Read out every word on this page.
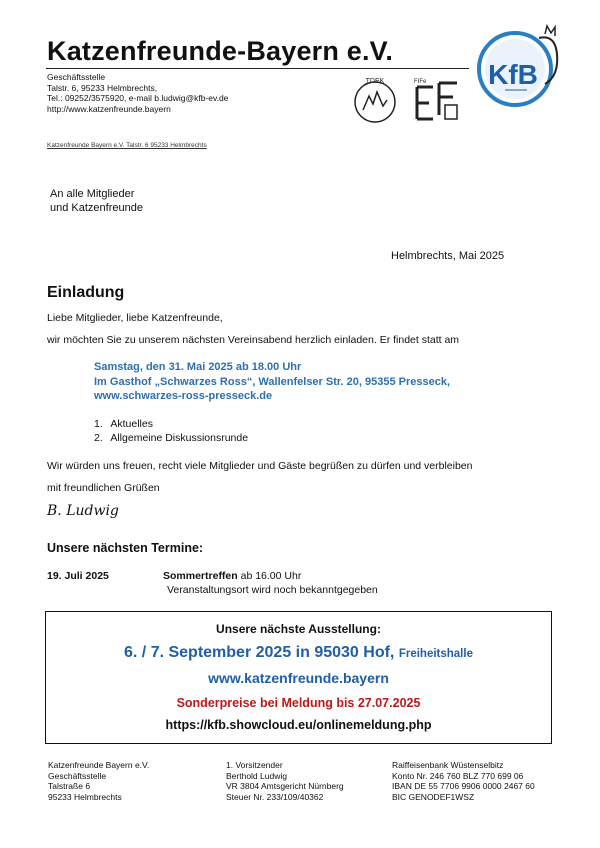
Katzenfreunde-Bayern e.V.
Geschäftsstelle
Talstr. 6, 95233 Helmbrechts,
Tel.: 09252/3575920, e-mail b.ludwig@kfb-ev.de
http://www.katzenfreunde.bayern
Katzenfreunde Bayern e.V. Talstr. 6 95233 Helmbrechts
TDEK	FIFe KfB
An alle Mitglieder
und Katzenfreunde
Helmbrechts, Mai 2025
Einladung
Liebe Mitglieder, liebe Katzenfreunde,
wir möchten Sie zu unserem nächsten Vereinsabend herzlich einladen. Er findet statt am
Samstag, den 31. Mai 2025 ab 18.00 Uhr
Im Gasthof „Schwarzes Ross“, Wallenfelser Str. 20, 95355 Presseck,
www.schwarzes-ross-presseck.de
1. Aktuelles
2. Allgemeine Diskussionsrunde
Wir würden uns freuen, recht viele Mitglieder und Gäste begrüßen zu dürfen und verbleiben
mit freundlichen Grüßen
B. Ludwig
Unsere nächsten Termine:
19. Juli 2025	Sommertreffen ab 16.00 Uhr
Veranstaltungsort wird noch bekanntgegeben
Unsere nächste Ausstellung:
6. / 7. September 2025 in 95030 Hof, Freiheitshalle
www.katzenfreunde.bayern
Sonderpreise bei Meldung bis 27.07.2025
https://kfb.showcloud.eu/onlinemeldung.php
Katzenfreunde Bayern e.V.
Geschäftsstelle
Talstraße 6
95233 Helmbrechts
1. Vorsitzender
Berthold Ludwig
VR 3804 Amtsgericht Nürnberg
Steuer Nr. 233/109/40362
Raiffeisenbank Wüstenselbitz
Konto Nr. 246 760 BLZ 770 699 06
IBAN DE 55 7706 9906 0000 2467 60
BIC GENODEF1WSZ
